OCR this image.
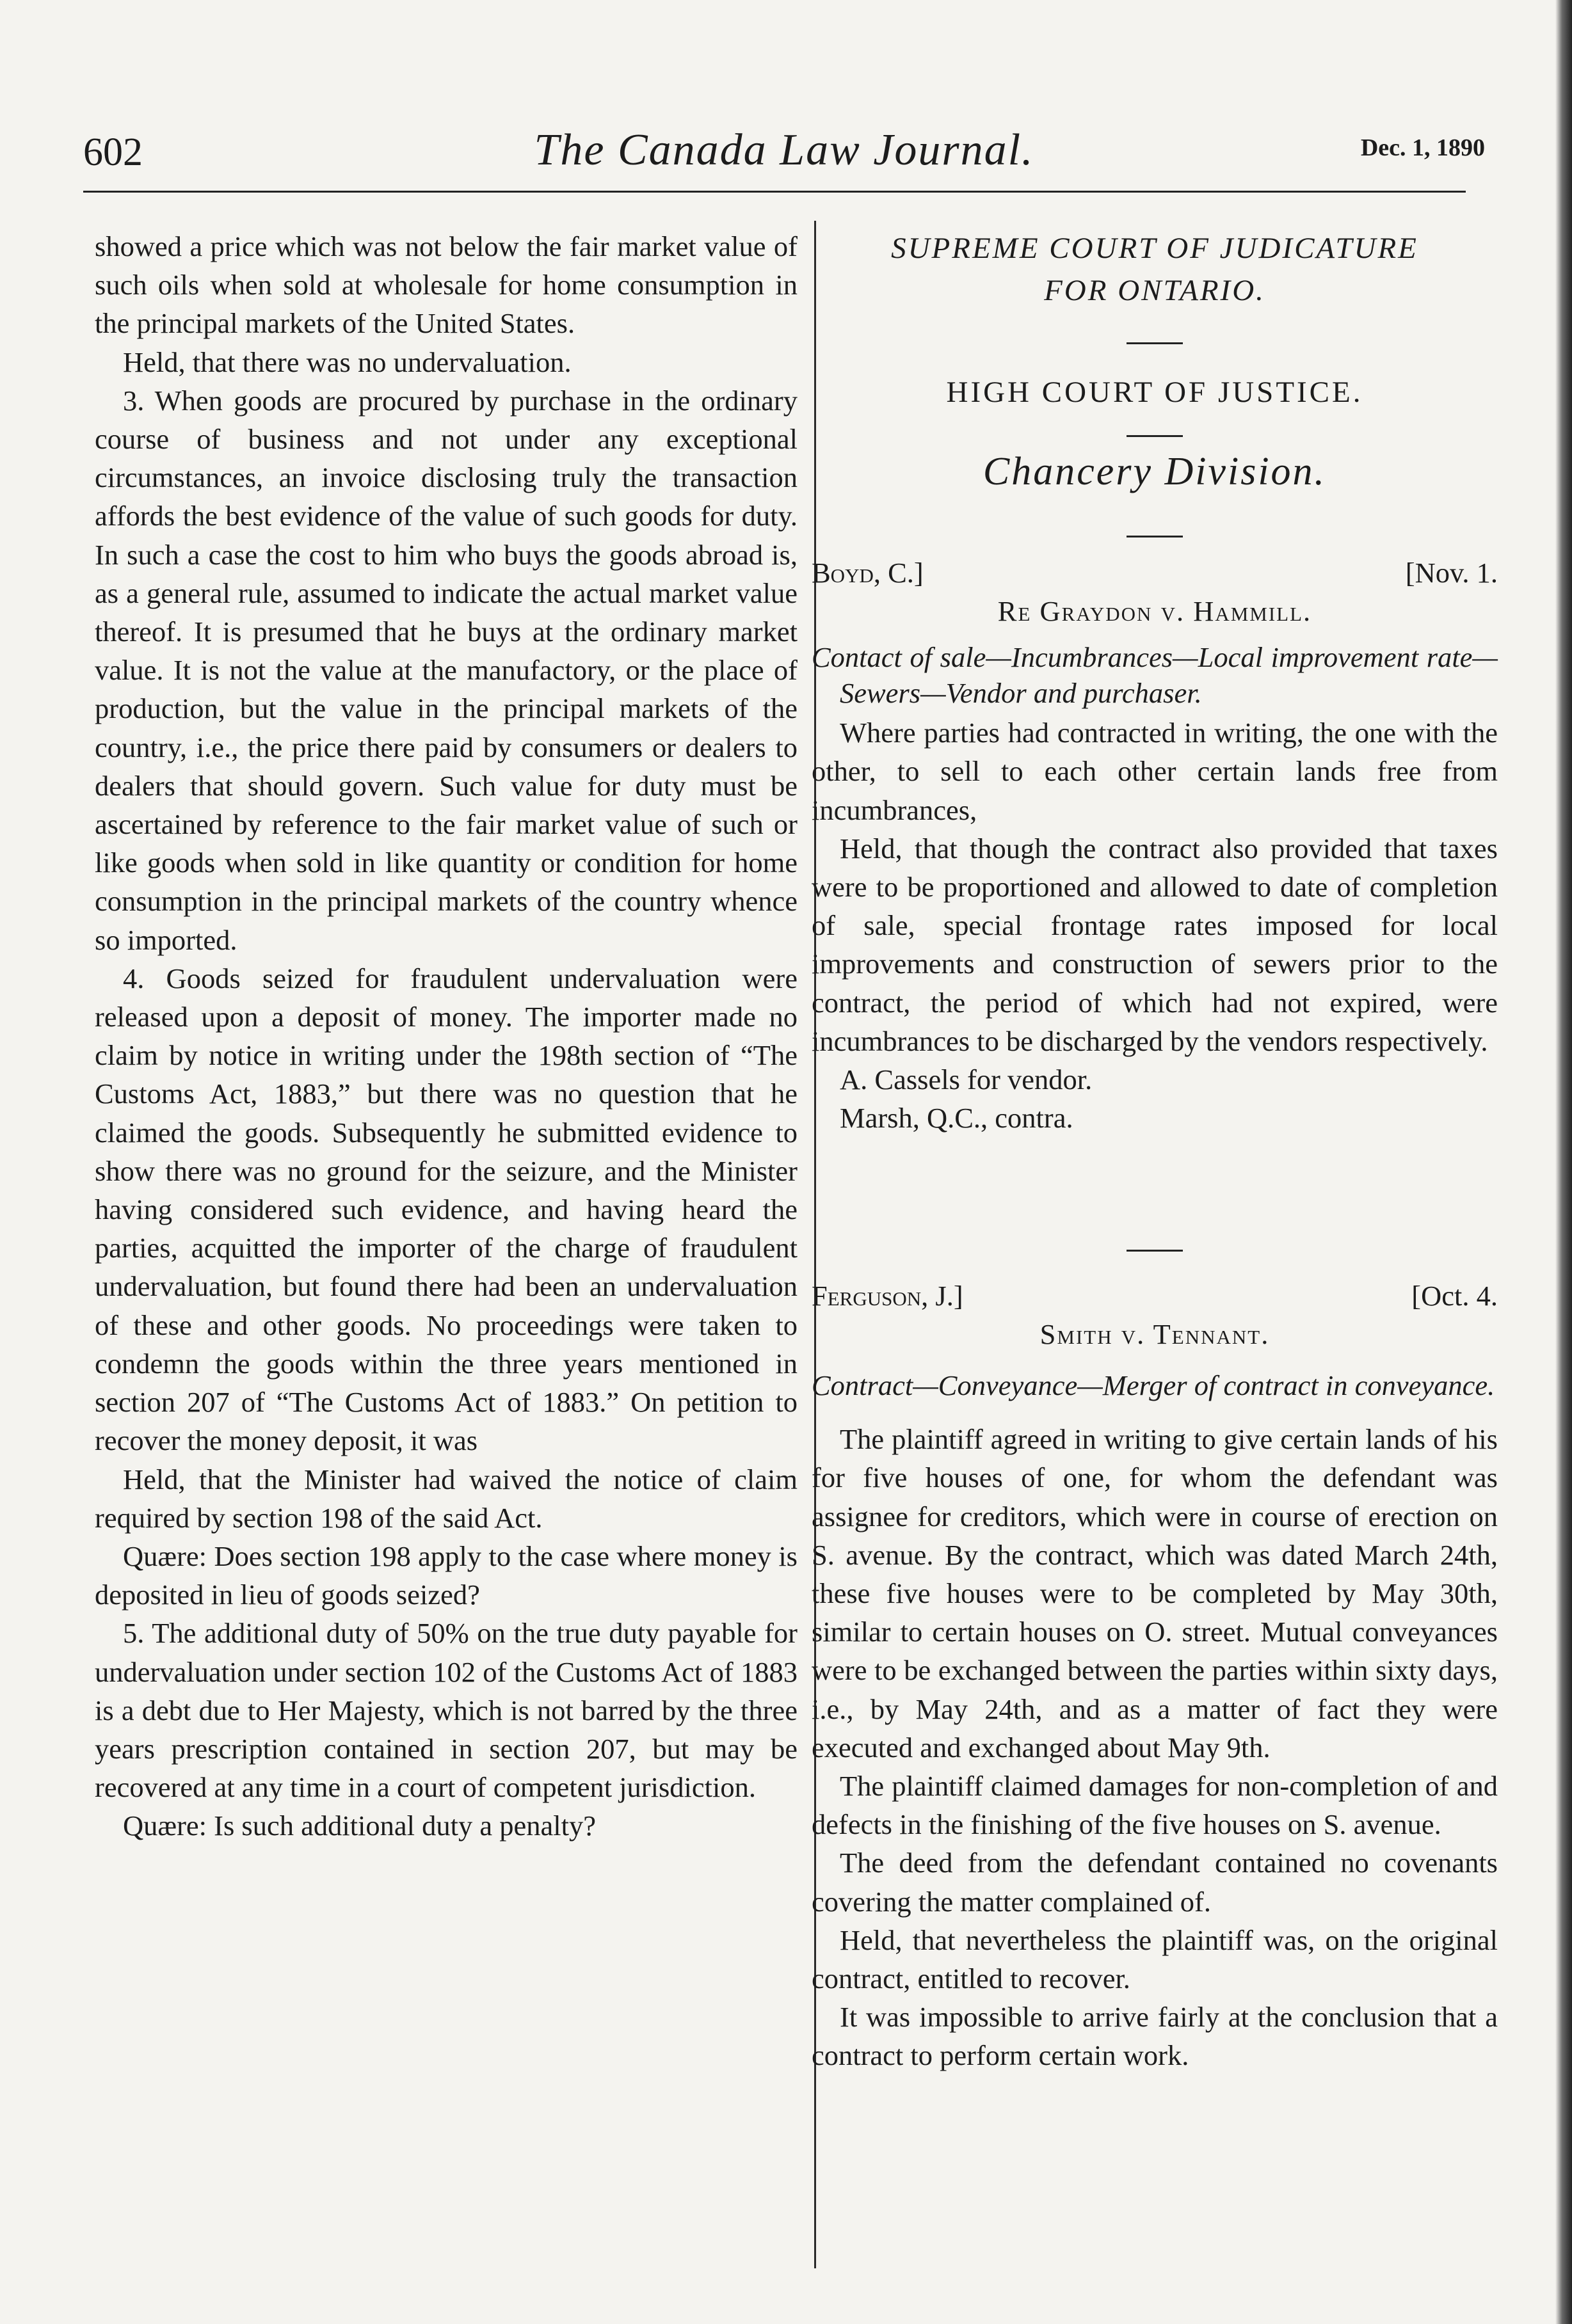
602	The Canada Law Journal.	Dec. 1, 1890

showed a price which was not below the fair market value of such oils when sold at wholesale for home consumption in the principal markets of the United States.

Held, that there was no undervaluation.

3. When goods are procured by purchase in the ordinary course of business and not under any exceptional circumstances, an invoice disclosing truly the transaction affords the best evidence of the value of such goods for duty. In such a case the cost to him who buys the goods abroad is, as a general rule, assumed to indicate the actual market value thereof. It is presumed that he buys at the ordinary market value. It is not the value at the manufactory, or the place of production, but the value in the principal markets of the country, i.e., the price there paid by consumers or dealers to dealers that should govern. Such value for duty must be ascertained by reference to the fair market value of such or like goods when sold in like quantity or condition for home consumption in the principal markets of the country whence so imported.

4. Goods seized for fraudulent undervaluation were released upon a deposit of money. The importer made no claim by notice in writing under the 198th section of “The Customs Act, 1883,” but there was no question that he claimed the goods. Subsequently he submitted evidence to show there was no ground for the seizure, and the Minister having considered such evidence, and having heard the parties, acquitted the importer of the charge of fraudulent undervaluation, but found there had been an undervaluation of these and other goods. No proceedings were taken to condemn the goods within the three years mentioned in section 207 of “The Customs Act of 1883.” On petition to recover the money deposit, it was

Held, that the Minister had waived the notice of claim required by section 198 of the said Act.

Quære: Does section 198 apply to the case where money is deposited in lieu of goods seized?

5. The additional duty of 50% on the true duty payable for undervaluation under section 102 of the Customs Act of 1883 is a debt due to Her Majesty, which is not barred by the three years prescription contained in section 207, but may be recovered at any time in a court of competent jurisdiction.

Quære: Is such additional duty a penalty?

SUPREME COURT OF JUDICATURE
FOR ONTARIO.
HIGH COURT OF JUSTICE.
Chancery Division.
Boyd, C.]	[Nov. 1.
Re Graydon v. Hammill.

Contact of sale—Incumbrances—Local improvement rate—Sewers—Vendor and purchaser.

Where parties had contracted in writing, the one with the other, to sell to each other certain lands free from incumbrances,

Held, that though the contract also provided that taxes were to be proportioned and allowed to date of completion of sale, special frontage rates imposed for local improvements and construction of sewers prior to the contract, the period of which had not expired, were incumbrances to be discharged by the vendors respectively.

A. Cassels for vendor.

Marsh, Q.C., contra.

Ferguson, J.]	[Oct. 4.
Smith v. Tennant.

Contract—Conveyance—Merger of contract in conveyance.

The plaintiff agreed in writing to give certain lands of his for five houses of one, for whom the defendant was assignee for creditors, which were in course of erection on S. avenue. By the contract, which was dated March 24th, these five houses were to be completed by May 30th, similar to certain houses on O. street. Mutual conveyances were to be exchanged between the parties within sixty days, i.e., by May 24th, and as a matter of fact they were executed and exchanged about May 9th.

The plaintiff claimed damages for non-completion of and defects in the finishing of the five houses on S. avenue.

The deed from the defendant contained no covenants covering the matter complained of.

Held, that nevertheless the plaintiff was, on the original contract, entitled to recover.

It was impossible to arrive fairly at the conclusion that a contract to perform certain work.
